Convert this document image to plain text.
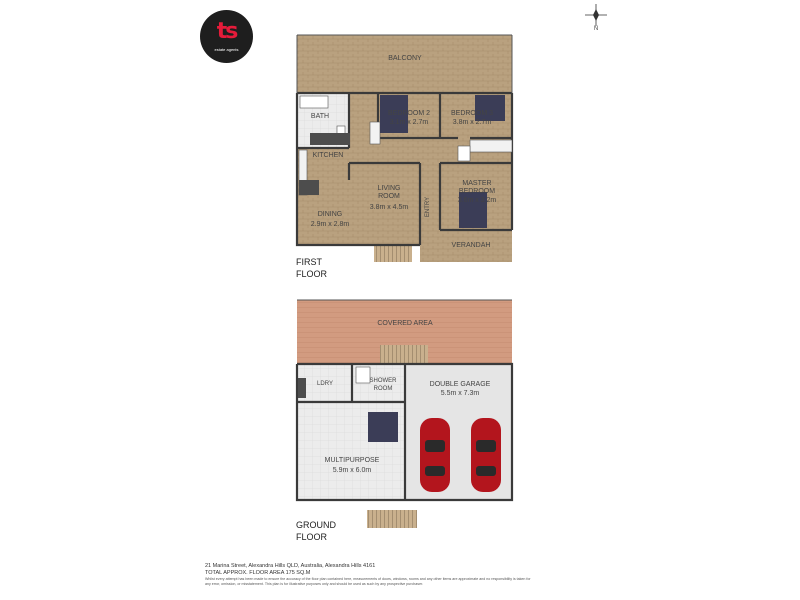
ts
estate agents
N
BALCONY
BATH	BEDROOM 2
3.1m x 2.7m
BEDROOM 3
3.8m x 2.7m
KITCHEN
LIVING
ROOM
3.8m x 4.5m
MASTER
BEDROOM
3.6m x 3.2m
DINING
2.9m x 2.8m
ENTRY
VERANDAH
FIRST
FLOOR
COVERED AREA
LDRY	SHOWER
ROOM
DOUBLE GARAGE
5.5m x 7.3m
MULTIPURPOSE
5.9m x 6.0m
GROUND
FLOOR
21 Marina Street, Alexandra Hills QLD, Australia, Alexandra Hills 4161
TOTAL APPROX. FLOOR AREA 175 SQ.M
Whilst every attempt has been made to ensure the accuracy of the floor plan contained here, measurements of doors, windows, rooms and any other items are approximate and no responsibility is taken for any error, omission, or misstatement. This plan is for illustrative purposes only and should be used as such by any prospective purchaser.
